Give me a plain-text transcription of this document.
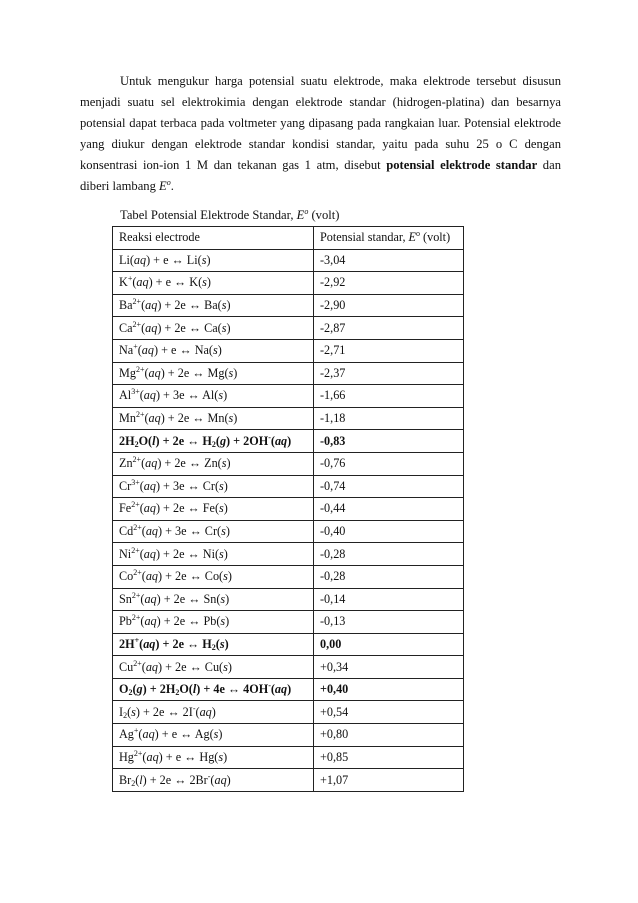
Untuk mengukur harga potensial suatu elektrode, maka elektrode tersebut disusun menjadi suatu sel elektrokimia dengan elektrode standar (hidrogen-platina) dan besarnya potensial dapat terbaca pada voltmeter yang dipasang pada rangkaian luar. Potensial elektrode yang diukur dengan elektrode standar kondisi standar, yaitu pada suhu 25 o C dengan konsentrasi ion-ion 1 M dan tekanan gas 1 atm, disebut potensial elektrode standar dan diberi lambang $E^o$.

Tabel Potensial Elektrode Standar, $E^o$ (volt)

Reaksi electrode	Potensial standar, $E^o$ (volt)
Li(aq) + e ↔ Li(s)	-3,04
K+(aq) + e ↔ K(s)	-2,92
$Ba^{2+}(aq) + 2e$ ↔ Ba(s)	-2,90
$Ca^{2+}(aq) + 2e$ ↔ Ca(s)	-2,87
Na+(aq) + e ↔ Na(s)	-2,71
$Mg^{2+}(aq) + 2e$ ↔ Mg(s)	-2,37
$Al^{3+}(aq) + 3e$ ↔ Al(s)	-1,66
$Mn^{2+}(aq) + 2e$ ↔ Mn(s)	-1,18
$2H_2O(l) + 2e$ ↔ $H_2(g) + 2OH^-(aq)$	-0,83
$Zn^{2+}(aq) + 2e$ ↔ Zn(s)	-0,76
$Cr^{3+}(aq) + 3e$ ↔ Cr(s)	-0,74
$Fe^{2+}(aq) + 2e$ ↔ Fe(s)	-0,44
$Cd^{2+}(aq) + 3e$ ↔ Cr(s)	-0,40
$Ni^{2+}(aq) + 2e$ ↔ Ni(s)	-0,28
$Co^{2+}(aq) + 2e$ ↔ Co(s)	-0,28
$Sn^{2+}(aq) + 2e$ ↔ Sn(s)	-0,14
$Pb^{2+}(aq) + 2e$ ↔ Pb(s)	-0,13
2H+(aq) + 2e ↔ $H_2(s)$	0,00
$Cu^{2+}(aq) + 2e$ ↔ Cu(s)	+0,34
$O_2(g) + 2H_2O(l) + 4e$ ↔ 4OH-(aq)	+0,40
$I_2(s) + 2e$ ↔ 2I-(aq)	+0,54
Ag+(aq) + e ↔ Ag(s)	+0,80
$Hg^{2+}(aq) + e$ ↔ Hg(s)	+0,85
$Br_2(l) + 2e$ ↔ 2Br-(aq)	+1,07
